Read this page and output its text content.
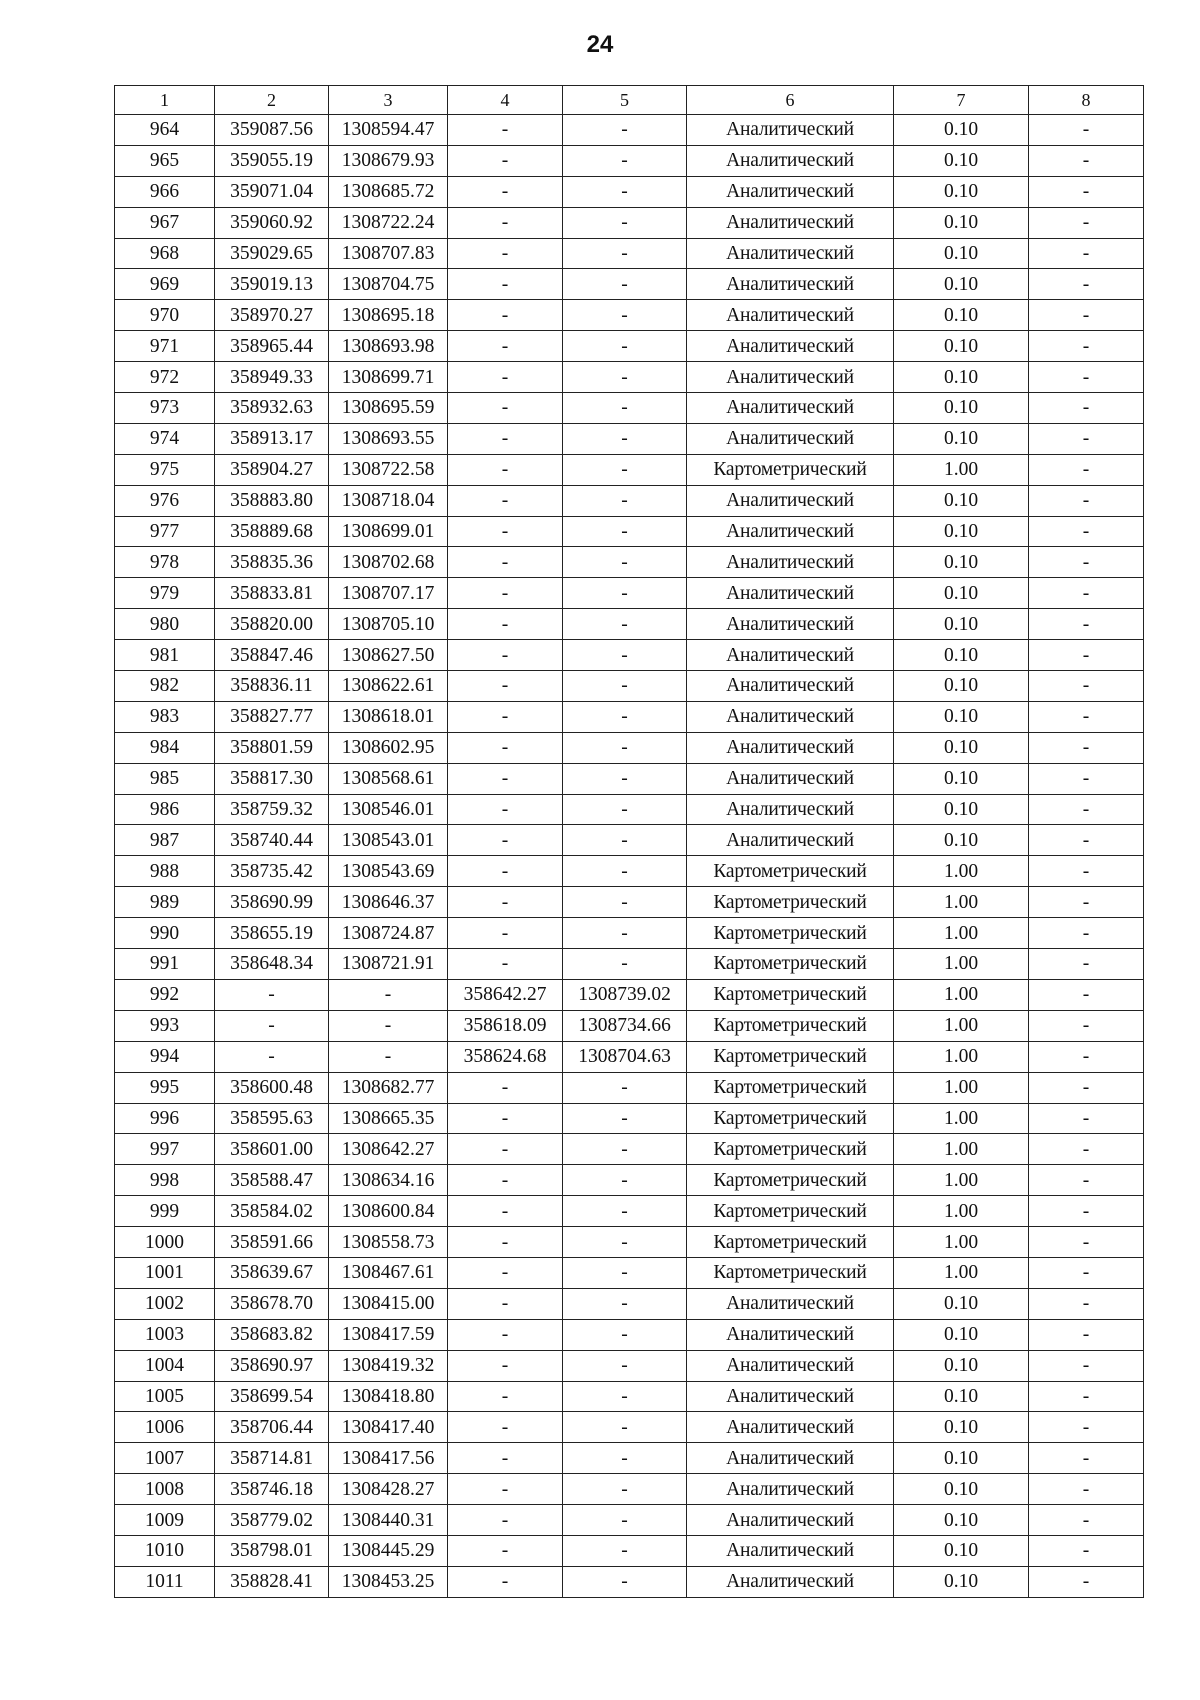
24
1	2	3	4	5	6	7	8
964	359087.56	1308594.47	-	-	Аналитический	0.10	-
965	359055.19	1308679.93	-	-	Аналитический	0.10	-
966	359071.04	1308685.72	-	-	Аналитический	0.10	-
967	359060.92	1308722.24	-	-	Аналитический	0.10	-
968	359029.65	1308707.83	-	-	Аналитический	0.10	-
969	359019.13	1308704.75	-	-	Аналитический	0.10	-
970	358970.27	1308695.18	-	-	Аналитический	0.10	-
971	358965.44	1308693.98	-	-	Аналитический	0.10	-
972	358949.33	1308699.71	-	-	Аналитический	0.10	-
973	358932.63	1308695.59	-	-	Аналитический	0.10	-
974	358913.17	1308693.55	-	-	Аналитический	0.10	-
975	358904.27	1308722.58	-	-	Картометрический	1.00	-
976	358883.80	1308718.04	-	-	Аналитический	0.10	-
977	358889.68	1308699.01	-	-	Аналитический	0.10	-
978	358835.36	1308702.68	-	-	Аналитический	0.10	-
979	358833.81	1308707.17	-	-	Аналитический	0.10	-
980	358820.00	1308705.10	-	-	Аналитический	0.10	-
981	358847.46	1308627.50	-	-	Аналитический	0.10	-
982	358836.11	1308622.61	-	-	Аналитический	0.10	-
983	358827.77	1308618.01	-	-	Аналитический	0.10	-
984	358801.59	1308602.95	-	-	Аналитический	0.10	-
985	358817.30	1308568.61	-	-	Аналитический	0.10	-
986	358759.32	1308546.01	-	-	Аналитический	0.10	-
987	358740.44	1308543.01	-	-	Аналитический	0.10	-
988	358735.42	1308543.69	-	-	Картометрический	1.00	-
989	358690.99	1308646.37	-	-	Картометрический	1.00	-
990	358655.19	1308724.87	-	-	Картометрический	1.00	-
991	358648.34	1308721.91	-	-	Картометрический	1.00	-
992	-	-	358642.27	1308739.02	Картометрический	1.00	-
993	-	-	358618.09	1308734.66	Картометрический	1.00	-
994	-	-	358624.68	1308704.63	Картометрический	1.00	-
995	358600.48	1308682.77	-	-	Картометрический	1.00	-
996	358595.63	1308665.35	-	-	Картометрический	1.00	-
997	358601.00	1308642.27	-	-	Картометрический	1.00	-
998	358588.47	1308634.16	-	-	Картометрический	1.00	-
999	358584.02	1308600.84	-	-	Картометрический	1.00	-
1000	358591.66	1308558.73	-	-	Картометрический	1.00	-
1001	358639.67	1308467.61	-	-	Картометрический	1.00	-
1002	358678.70	1308415.00	-	-	Аналитический	0.10	-
1003	358683.82	1308417.59	-	-	Аналитический	0.10	-
1004	358690.97	1308419.32	-	-	Аналитический	0.10	-
1005	358699.54	1308418.80	-	-	Аналитический	0.10	-
1006	358706.44	1308417.40	-	-	Аналитический	0.10	-
1007	358714.81	1308417.56	-	-	Аналитический	0.10	-
1008	358746.18	1308428.27	-	-	Аналитический	0.10	-
1009	358779.02	1308440.31	-	-	Аналитический	0.10	-
1010	358798.01	1308445.29	-	-	Аналитический	0.10	-
1011	358828.41	1308453.25	-	-	Аналитический	0.10	-
